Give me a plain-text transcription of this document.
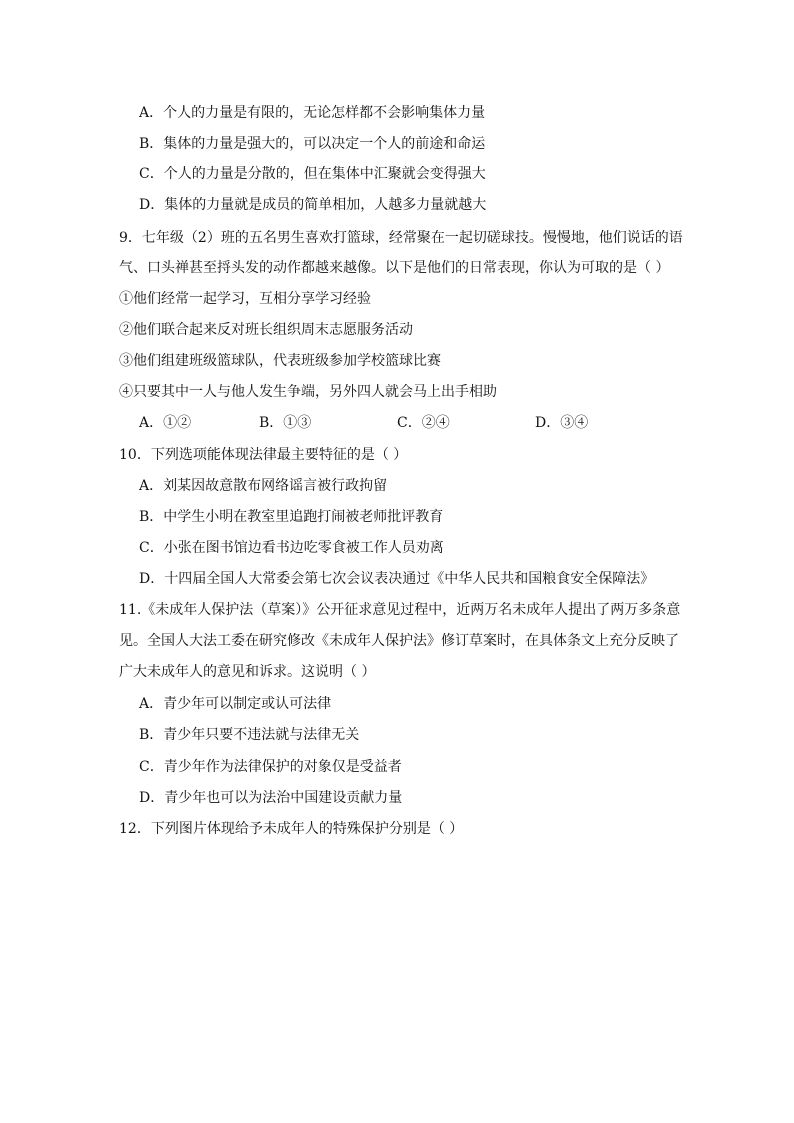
A．个人的力量是有限的，无论怎样都不会影响集体力量
B．集体的力量是强大的，可以决定一个人的前途和命运
C．个人的力量是分散的，但在集体中汇聚就会变得强大
D．集体的力量就是成员的简单相加，人越多力量就越大
9．七年级（2）班的五名男生喜欢打篮球，经常聚在一起切磋球技。慢慢地，他们说话的语
气、口头禅甚至捋头发的动作都越来越像。以下是他们的日常表现，你认为可取的是（ ）
①他们经常一起学习，互相分享学习经验
②他们联合起来反对班长组织周末志愿服务活动
③他们组建班级篮球队，代表班级参加学校篮球比赛
④只要其中一人与他人发生争端，另外四人就会马上出手相助
A．①②	B．①③	C．②④	D．③④
10．下列选项能体现法律最主要特征的是（ ）
A．刘某因故意散布网络谣言被行政拘留
B．中学生小明在教室里追跑打闹被老师批评教育
C．小张在图书馆边看书边吃零食被工作人员劝离
D．十四届全国人大常委会第七次会议表决通过《中华人民共和国粮食安全保障法》
11.《未成年人保护法（草案）》公开征求意见过程中，近两万名未成年人提出了两万多条意
见。全国人大法工委在研究修改《未成年人保护法》修订草案时，在具体条文上充分反映了
广大未成年人的意见和诉求。这说明（ ）
A．青少年可以制定或认可法律
B．青少年只要不违法就与法律无关
C．青少年作为法律保护的对象仅是受益者
D．青少年也可以为法治中国建设贡献力量
12．下列图片体现给予未成年人的特殊保护分别是（ ）
